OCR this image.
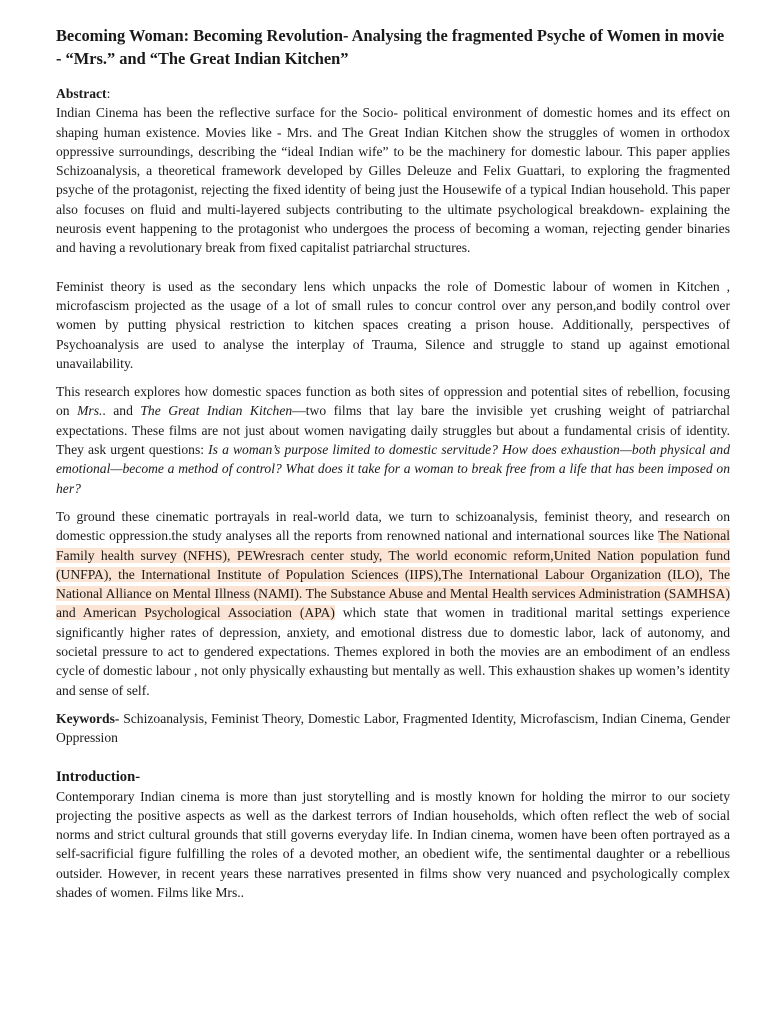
Becoming Woman: Becoming Revolution- Analysing the fragmented Psyche of Women in movie - “Mrs.” and “The Great Indian Kitchen”
Abstract:

Indian Cinema has been the reflective surface for the Socio- political environment of domestic homes and its effect on shaping human existence. Movies like - Mrs. and The Great Indian Kitchen show the struggles of women in orthodox oppressive surroundings, describing the “ideal Indian wife” to be the machinery for domestic labour. This paper applies Schizoanalysis, a theoretical framework developed by Gilles Deleuze and Felix Guattari, to exploring the fragmented psyche of the protagonist, rejecting the fixed identity of being just the Housewife of a typical Indian household. This paper also focuses on fluid and multi-layered subjects contributing to the ultimate psychological breakdown- explaining the neurosis event happening to the protagonist who undergoes the process of becoming a woman, rejecting gender binaries and having a revolutionary break from fixed capitalist patriarchal structures.

Feminist theory is used as the secondary lens which unpacks the role of Domestic labour of women in Kitchen , microfascism projected as the usage of a lot of small rules to concur control over any person,and bodily control over women by putting physical restriction to kitchen spaces creating a prison house. Additionally, perspectives of Psychoanalysis are used to analyse the interplay of Trauma, Silence and struggle to stand up against emotional unavailability.

This research explores how domestic spaces function as both sites of oppression and potential sites of rebellion, focusing on Mrs.. and The Great Indian Kitchen—two films that lay bare the invisible yet crushing weight of patriarchal expectations. These films are not just about women navigating daily struggles but about a fundamental crisis of identity. They ask urgent questions: Is a woman’s purpose limited to domestic servitude? How does exhaustion—both physical and emotional—become a method of control? What does it take for a woman to break free from a life that has been imposed on her?

To ground these cinematic portrayals in real-world data, we turn to schizoanalysis, feminist theory, and research on domestic oppression.the study analyses all the reports from renowned national and international sources like The National Family health survey (NFHS), PEWresrach center study, The world economic reform,United Nation population fund (UNFPA), the International Institute of Population Sciences (IIPS),The International Labour Organization (ILO), The National Alliance on Mental Illness (NAMI). The Substance Abuse and Mental Health services Administration (SAMHSA) and American Psychological Association (APA) which state that women in traditional marital settings experience significantly higher rates of depression, anxiety, and emotional distress due to domestic labor, lack of autonomy, and societal pressure to act to gendered expectations. Themes explored in both the movies are an embodiment of an endless cycle of domestic labour , not only physically exhausting but mentally as well. This exhaustion shakes up women’s identity and sense of self.

Keywords- Schizoanalysis, Feminist Theory, Domestic Labor, Fragmented Identity, Microfascism, Indian Cinema, Gender Oppression

Introduction-

Contemporary Indian cinema is more than just storytelling and is mostly known for holding the mirror to our society projecting the positive aspects as well as the darkest terrors of Indian households, which often reflect the web of social norms and strict cultural grounds that still governs everyday life. In Indian cinema, women have been often portrayed as a self-sacrificial figure fulfilling the roles of a devoted mother, an obedient wife, the sentimental daughter or a rebellious outsider. However, in recent years these narratives presented in films show very nuanced and psychologically complex shades of women. Films like Mrs..
